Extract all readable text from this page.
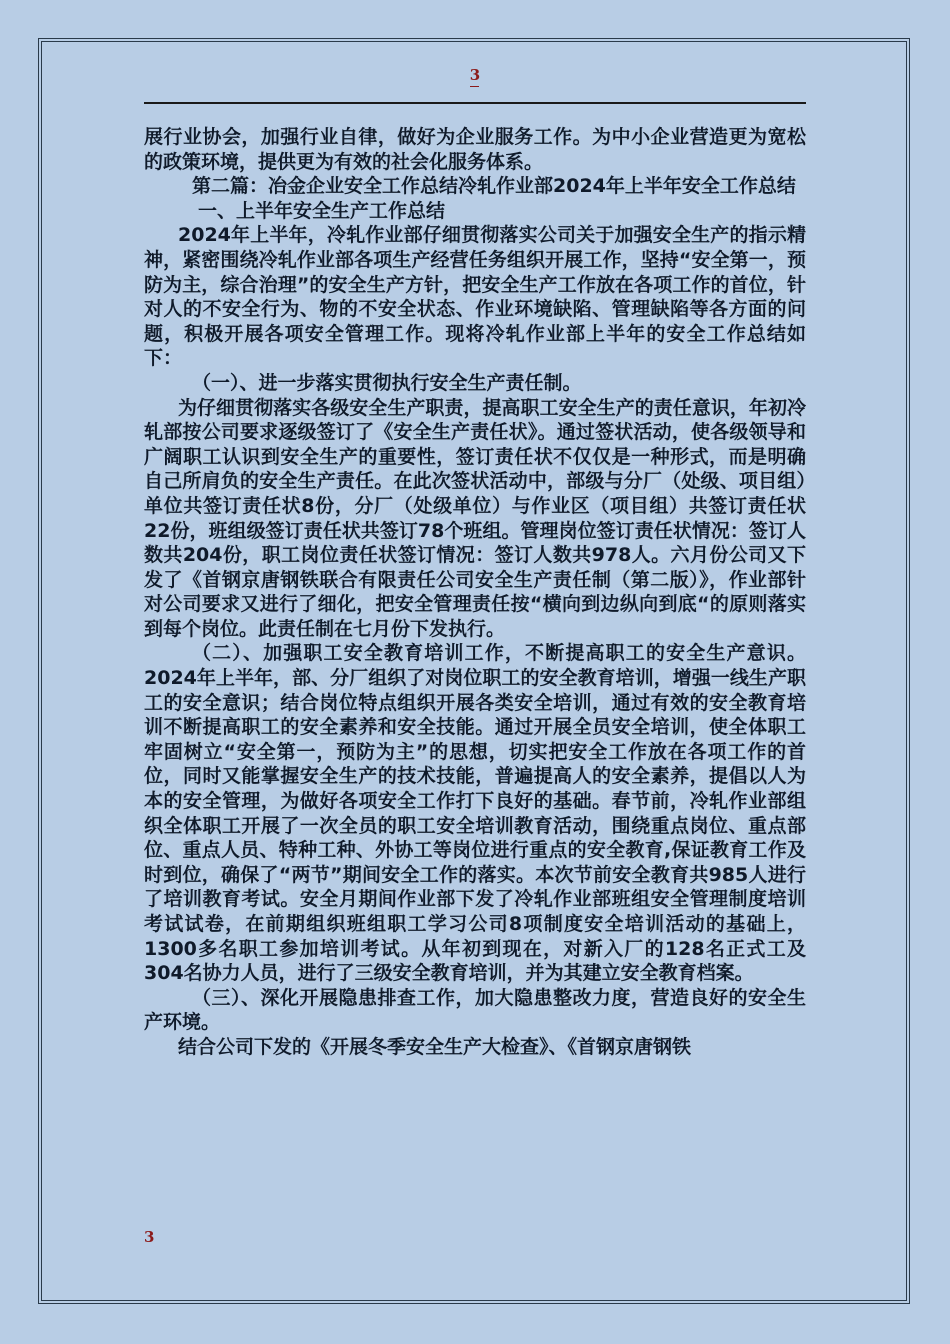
3

展行业协会，加强行业自律，做好为企业服务工作。为中小企业营造更为宽松的政策环境，提供更为有效的社会化服务体系。

第二篇：冶金企业安全工作总结冷轧作业部2024年上半年安全工作总结

一、上半年安全生产工作总结

2024年上半年，冷轧作业部仔细贯彻落实公司关于加强安全生产的指示精神，紧密围绕冷轧作业部各项生产经营任务组织开展工作，坚持“安全第一，预防为主，综合治理”的安全生产方针，把安全生产工作放在各项工作的首位，针对人的不安全行为、物的不安全状态、作业环境缺陷、管理缺陷等各方面的问题，积极开展各项安全管理工作。现将冷轧作业部上半年的安全工作总结如下：

（一）、进一步落实贯彻执行安全生产责任制。

为仔细贯彻落实各级安全生产职责，提高职工安全生产的责任意识，年初冷轧部按公司要求逐级签订了《安全生产责任状》。通过签状活动，使各级领导和广阔职工认识到安全生产的重要性，签订责任状不仅仅是一种形式，而是明确自己所肩负的安全生产责任。在此次签状活动中，部级与分厂（处级、项目组）单位共签订责任状8份，分厂（处级单位）与作业区（项目组）共签订责任状22份，班组级签订责任状共签订78个班组。管理岗位签订责任状情况：签订人数共204份，职工岗位责任状签订情况：签订人数共978人。六月份公司又下发了《首钢京唐钢铁联合有限责任公司安全生产责任制（第二版）》，作业部针对公司要求又进行了细化，把安全管理责任按“横向到边纵向到底“的原则落实到每个岗位。此责任制在七月份下发执行。

（二）、加强职工安全教育培训工作，不断提高职工的安全生产意识。2024年上半年，部、分厂组织了对岗位职工的安全教育培训，增强一线生产职工的安全意识；结合岗位特点组织开展各类安全培训，通过有效的安全教育培训不断提高职工的安全素养和安全技能。通过开展全员安全培训，使全体职工牢固树立“安全第一，预防为主”的思想，切实把安全工作放在各项工作的首位，同时又能掌握安全生产的技术技能，普遍提高人的安全素养，提倡以人为本的安全管理，为做好各项安全工作打下良好的基础。春节前，冷轧作业部组织全体职工开展了一次全员的职工安全培训教育活动，围绕重点岗位、重点部位、重点人员、特种工种、外协工等岗位进行重点的安全教育,保证教育工作及时到位，确保了“两节”期间安全工作的落实。本次节前安全教育共985人进行了培训教育考试。安全月期间作业部下发了冷轧作业部班组安全管理制度培训考试试卷，在前期组织班组职工学习公司8项制度安全培训活动的基础上，1300多名职工参加培训考试。从年初到现在，对新入厂的128名正式工及304名协力人员，进行了三级安全教育培训，并为其建立安全教育档案。

（三）、深化开展隐患排查工作，加大隐患整改力度，营造良好的安全生产环境。

结合公司下发的《开展冬季安全生产大检查》、《首钢京唐钢铁

3
